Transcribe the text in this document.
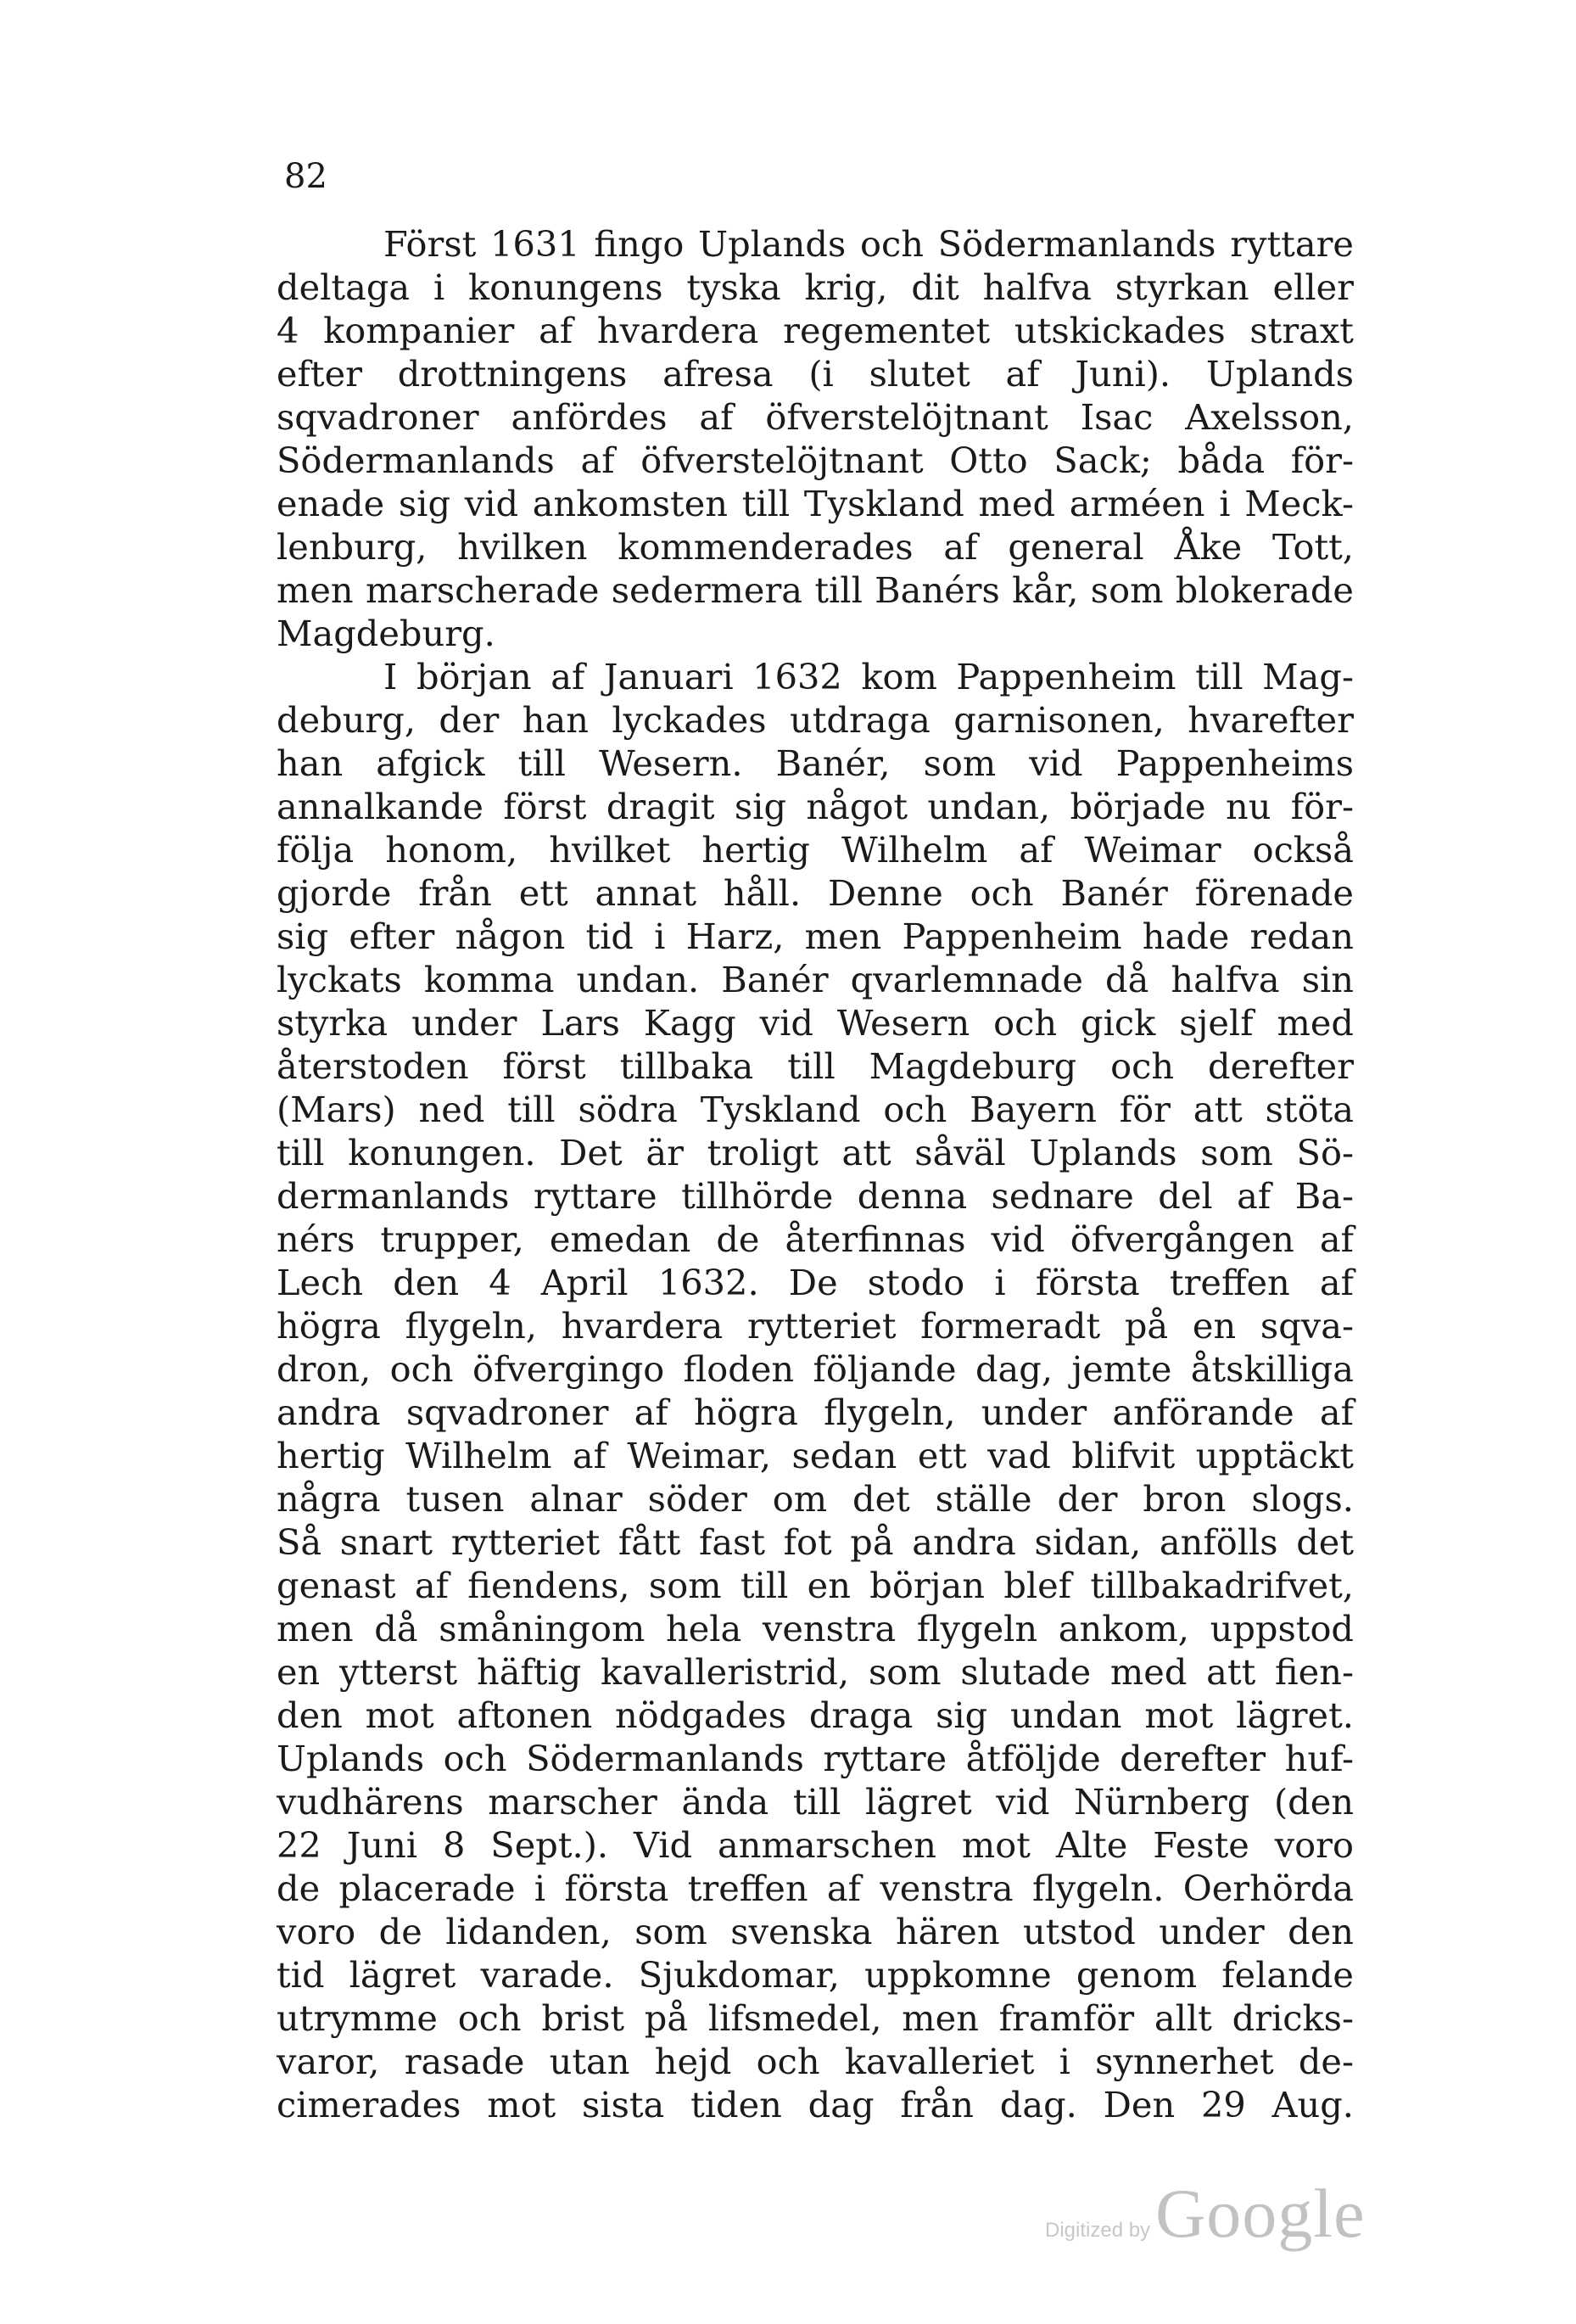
82
Först 1631 fingo Uplands och Södermanlands ryttare
deltaga i konungens tyska krig, dit halfva styrkan eller
4 kompanier af hvardera regementet utskickades straxt
efter drottningens afresa (i slutet af Juni). Uplands
sqvadroner anfördes af öfverstelöjtnant Isac Axelsson,
Södermanlands af öfverstelöjtnant Otto Sack; båda för-
enade sig vid ankomsten till Tyskland med arméen i Meck-
lenburg, hvilken kommenderades af general Åke Tott,
men marscherade sedermera till Banérs kår, som blokerade
Magdeburg.
I början af Januari 1632 kom Pappenheim till Mag-
deburg, der han lyckades utdraga garnisonen, hvarefter
han afgick till Wesern. Banér, som vid Pappenheims
annalkande först dragit sig något undan, började nu för-
följa honom, hvilket hertig Wilhelm af Weimar också
gjorde från ett annat håll. Denne och Banér förenade
sig efter någon tid i Harz, men Pappenheim hade redan
lyckats komma undan. Banér qvarlemnade då halfva sin
styrka under Lars Kagg vid Wesern och gick sjelf med
återstoden först tillbaka till Magdeburg och derefter
(Mars) ned till södra Tyskland och Bayern för att stöta
till konungen. Det är troligt att såväl Uplands som Sö-
dermanlands ryttare tillhörde denna sednare del af Ba-
nérs trupper, emedan de återfinnas vid öfvergången af
Lech den 4 April 1632. De stodo i första treffen af
högra flygeln, hvardera rytteriet formeradt på en sqva-
dron, och öfvergingo floden följande dag, jemte åtskilliga
andra sqvadroner af högra flygeln, under anförande af
hertig Wilhelm af Weimar, sedan ett vad blifvit upptäckt
några tusen alnar söder om det ställe der bron slogs.
Så snart rytteriet fått fast fot på andra sidan, anfölls det
genast af fiendens, som till en början blef tillbakadrifvet,
men då småningom hela venstra flygeln ankom, uppstod
en ytterst häftig kavalleristrid, som slutade med att fien-
den mot aftonen nödgades draga sig undan mot lägret.
Uplands och Södermanlands ryttare åtföljde derefter huf-
vudhärens marscher ända till lägret vid Nürnberg (den
22 Juni 8 Sept.). Vid anmarschen mot Alte Feste voro
de placerade i första treffen af venstra flygeln. Oerhörda
voro de lidanden, som svenska hären utstod under den
tid lägret varade. Sjukdomar, uppkomne genom felande
utrymme och brist på lifsmedel, men framför allt dricks-
varor, rasade utan hejd och kavalleriet i synnerhet de-
cimerades mot sista tiden dag från dag. Den 29 Aug.
Digitized byGoogle
